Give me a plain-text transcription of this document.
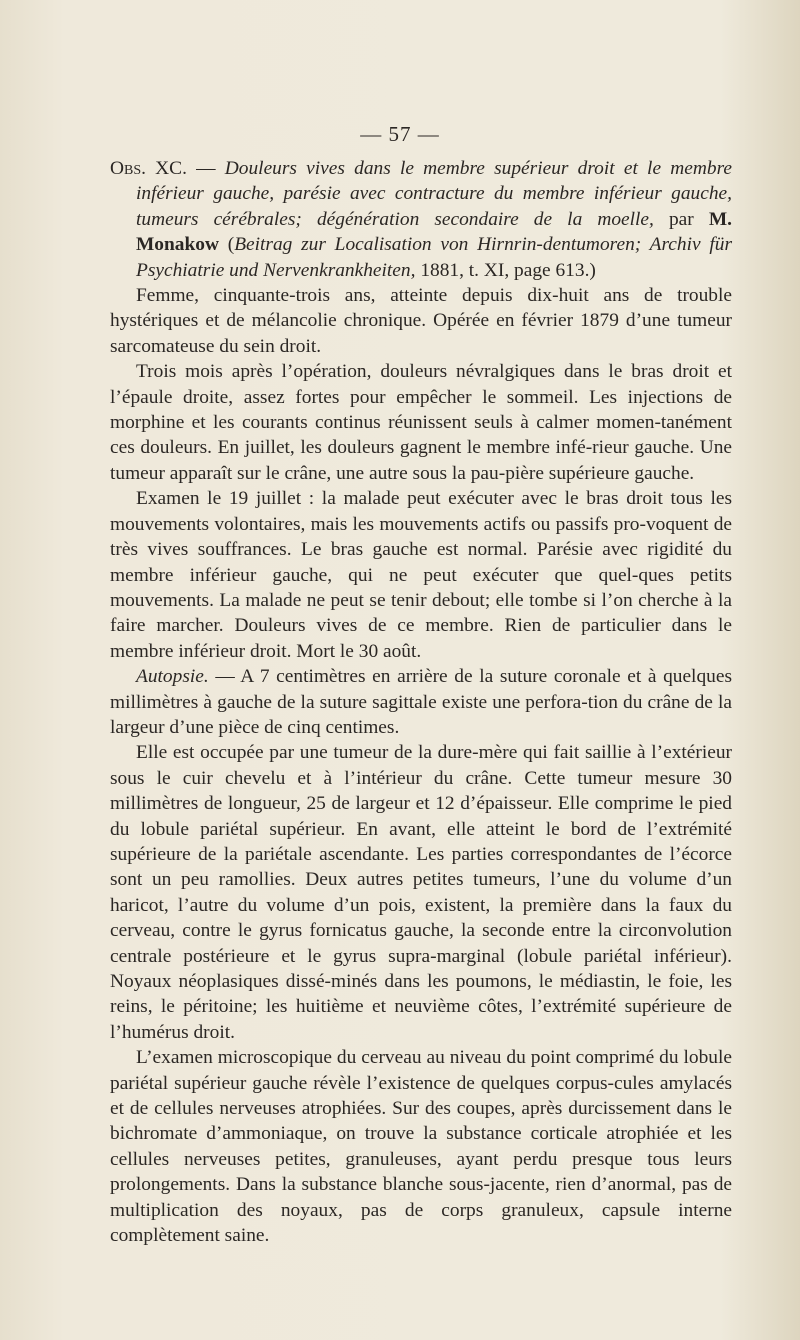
— 57 —

Obs. XC. — Douleurs vives dans le membre supérieur droit et le membre inférieur gauche, parésie avec contracture du membre inférieur gauche, tumeurs cérébrales; dégénération secondaire de la moelle, par M. Monakow (Beitrag zur Localisation von Hirnrin-dentumoren; Archiv für Psychiatrie und Nervenkrankheiten, 1881, t. XI, page 613.)

Femme, cinquante-trois ans, atteinte depuis dix-huit ans de trouble hystériques et de mélancolie chronique. Opérée en février 1879 d’une tumeur sarcomateuse du sein droit.

Trois mois après l’opération, douleurs névralgiques dans le bras droit et l’épaule droite, assez fortes pour empêcher le sommeil. Les injections de morphine et les courants continus réunissent seuls à calmer momen-tanément ces douleurs. En juillet, les douleurs gagnent le membre infé-rieur gauche. Une tumeur apparaît sur le crâne, une autre sous la pau-pière supérieure gauche.

Examen le 19 juillet : la malade peut exécuter avec le bras droit tous les mouvements volontaires, mais les mouvements actifs ou passifs pro-voquent de très vives souffrances. Le bras gauche est normal. Parésie avec rigidité du membre inférieur gauche, qui ne peut exécuter que quel-ques petits mouvements. La malade ne peut se tenir debout; elle tombe si l’on cherche à la faire marcher. Douleurs vives de ce membre. Rien de particulier dans le membre inférieur droit. Mort le 30 août.

Autopsie. — A 7 centimètres en arrière de la suture coronale et à quelques millimètres à gauche de la suture sagittale existe une perfora-tion du crâne de la largeur d’une pièce de cinq centimes.

Elle est occupée par une tumeur de la dure-mère qui fait saillie à l’extérieur sous le cuir chevelu et à l’intérieur du crâne. Cette tumeur mesure 30 millimètres de longueur, 25 de largeur et 12 d’épaisseur. Elle comprime le pied du lobule pariétal supérieur. En avant, elle atteint le bord de l’extrémité supérieure de la pariétale ascendante. Les parties correspondantes de l’écorce sont un peu ramollies. Deux autres petites tumeurs, l’une du volume d’un haricot, l’autre du volume d’un pois, existent, la première dans la faux du cerveau, contre le gyrus fornicatus gauche, la seconde entre la circonvolution centrale postérieure et le gyrus supra-marginal (lobule pariétal inférieur). Noyaux néoplasiques dissé-minés dans les poumons, le médiastin, le foie, les reins, le péritoine; les huitième et neuvième côtes, l’extrémité supérieure de l’humérus droit.

L’examen microscopique du cerveau au niveau du point comprimé du lobule pariétal supérieur gauche révèle l’existence de quelques corpus-cules amylacés et de cellules nerveuses atrophiées. Sur des coupes, après durcissement dans le bichromate d’ammoniaque, on trouve la substance corticale atrophiée et les cellules nerveuses petites, granuleuses, ayant perdu presque tous leurs prolongements. Dans la substance blanche sous-jacente, rien d’anormal, pas de multiplication des noyaux, pas de corps granuleux, capsule interne complètement saine.
